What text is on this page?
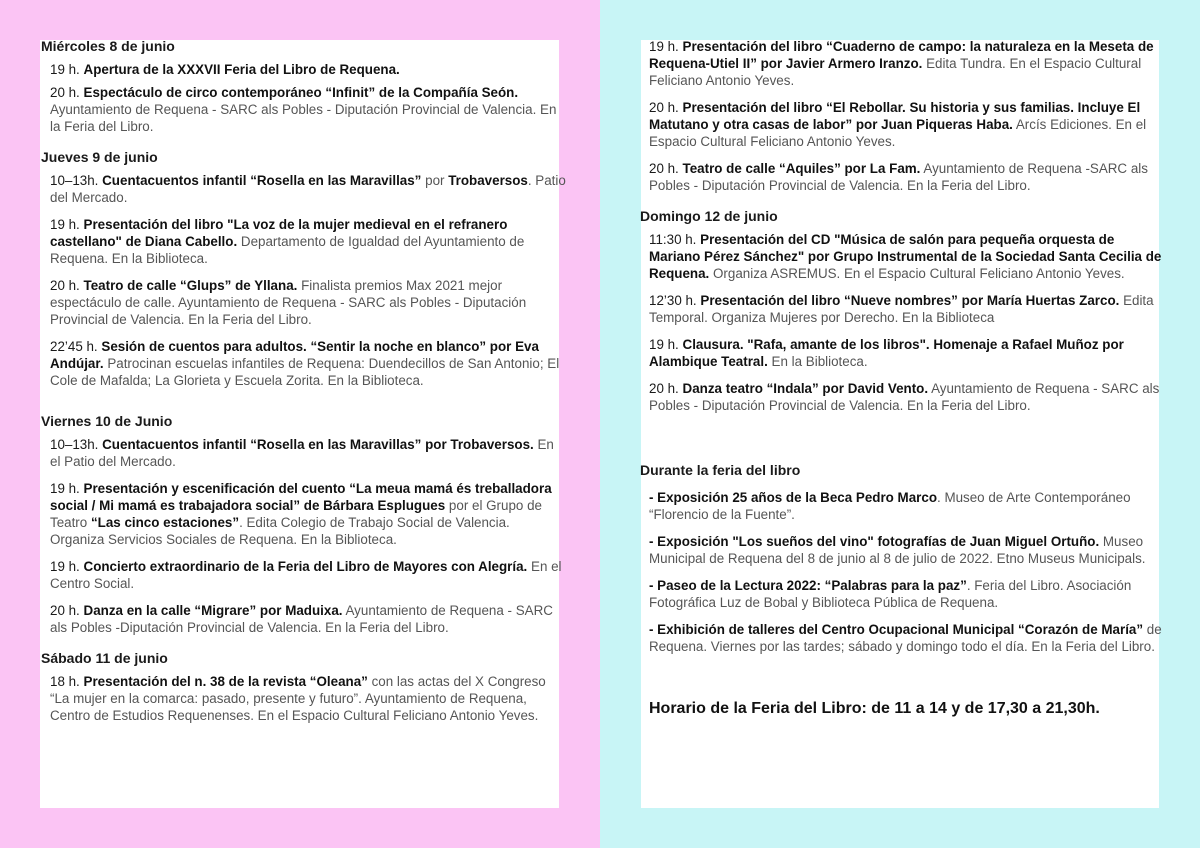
Miércoles 8 de junio

19 h. Apertura de la XXXVII Feria del Libro de Requena.

20 h. Espectáculo de circo contemporáneo “Infinit” de la Compañía Seón. Ayuntamiento de Requena - SARC als Pobles - Diputación Provincial de Valencia. En la Feria del Libro.

Jueves 9 de junio

10–13h. Cuentacuentos infantil “Rosella en las Maravillas” por Trobaversos. Patio del Mercado.

19 h. Presentación del libro "La voz de la mujer medieval en el refranero castellano" de Diana Cabello. Departamento de Igualdad del Ayuntamiento de Requena. En la Biblioteca.

20 h. Teatro de calle “Glups” de Yllana. Finalista premios Max 2021 mejor espectáculo de calle. Ayuntamiento de Requena - SARC als Pobles - Diputación Provincial de Valencia. En la Feria del Libro.

22’45 h. Sesión de cuentos para adultos. “Sentir la noche en blanco” por Eva Andújar. Patrocinan escuelas infantiles de Requena: Duendecillos de San Antonio; El Cole de Mafalda; La Glorieta y Escuela Zorita. En la Biblioteca.

Viernes 10 de Junio

10–13h. Cuentacuentos infantil “Rosella en las Maravillas” por Trobaversos. En el Patio del Mercado.

19 h. Presentación y escenificación del cuento “La meua mamá és treballadora social / Mi mamá es trabajadora social” de Bárbara Esplugues por el Grupo de Teatro “Las cinco estaciones”. Edita Colegio de Trabajo Social de Valencia. Organiza Servicios Sociales de Requena. En la Biblioteca.

19 h. Concierto extraordinario de la Feria del Libro de Mayores con Alegría. En el Centro Social.

20 h. Danza en la calle “Migrare” por Maduixa. Ayuntamiento de Requena - SARC als Pobles -Diputación Provincial de Valencia. En la Feria del Libro.

Sábado 11 de junio

18 h. Presentación del n. 38 de la revista “Oleana” con las actas del X Congreso “La mujer en la comarca: pasado, presente y futuro”. Ayuntamiento de Requena, Centro de Estudios Requenenses. En el Espacio Cultural Feliciano Antonio Yeves.

19 h. Presentación del libro “Cuaderno de campo: la naturaleza en la Meseta de Requena-Utiel II” por Javier Armero Iranzo. Edita Tundra. En el Espacio Cultural Feliciano Antonio Yeves.

20 h. Presentación del libro “El Rebollar. Su historia y sus familias. Incluye El Matutano y otra casas de labor” por Juan Piqueras Haba. Arcís Ediciones. En el Espacio Cultural Feliciano Antonio Yeves.

20 h. Teatro de calle “Aquiles” por La Fam. Ayuntamiento de Requena -SARC als Pobles - Diputación Provincial de Valencia. En la Feria del Libro.

Domingo 12 de junio

11:30 h. Presentación del CD "Música de salón para pequeña orquesta de Mariano Pérez Sánchez" por Grupo Instrumental de la Sociedad Santa Cecilia de Requena. Organiza ASREMUS. En el Espacio Cultural Feliciano Antonio Yeves.

12’30 h. Presentación del libro “Nueve nombres” por María Huertas Zarco. Edita Temporal. Organiza Mujeres por Derecho. En la Biblioteca

19 h. Clausura. "Rafa, amante de los libros". Homenaje a Rafael Muñoz por Alambique Teatral. En la Biblioteca.

20 h. Danza teatro “Indala” por David Vento. Ayuntamiento de Requena - SARC als Pobles - Diputación Provincial de Valencia. En la Feria del Libro.

Durante la feria del libro

- Exposición 25 años de la Beca Pedro Marco. Museo de Arte Contemporáneo “Florencio de la Fuente”.

- Exposición "Los sueños del vino" fotografías de Juan Miguel Ortuño. Museo Municipal de Requena del 8 de junio al 8 de julio de 2022. Etno Museus Municipals.

- Paseo de la Lectura 2022: “Palabras para la paz”. Feria del Libro. Asociación Fotográfica Luz de Bobal y Biblioteca Pública de Requena.

- Exhibición de talleres del Centro Ocupacional Municipal “Corazón de María” de Requena. Viernes por las tardes; sábado y domingo todo el día. En la Feria del Libro.

Horario de la Feria del Libro: de 11 a 14 y de 17,30 a 21,30h.
